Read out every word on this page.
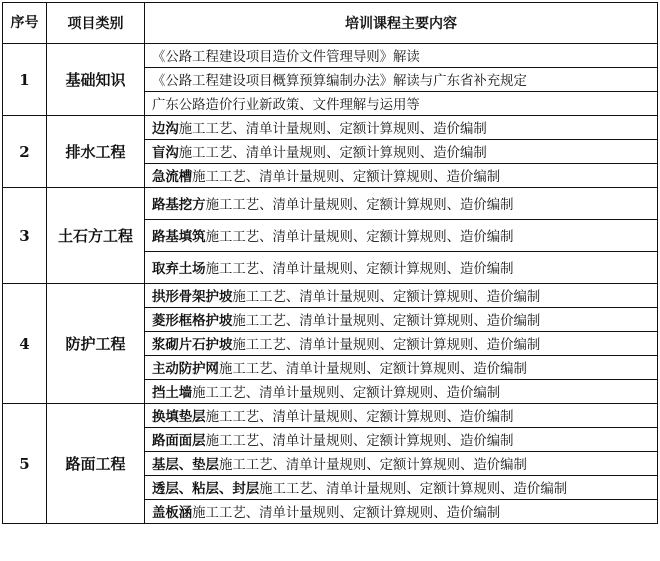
序号	项目类别	培训课程主要内容
1	基础知识	《公路工程建设项目造价文件管理导则》解读
		《公路工程建设项目概算预算编制办法》解读与广东省补充规定
		广东公路造价行业新政策、文件理解与运用等
2	排水工程	边沟施工工艺、清单计量规则、定额计算规则、造价编制
		盲沟施工工艺、清单计量规则、定额计算规则、造价编制
		急流槽施工工艺、清单计量规则、定额计算规则、造价编制
3	土石方工程	路基挖方施工工艺、清单计量规则、定额计算规则、造价编制
		路基填筑施工工艺、清单计量规则、定额计算规则、造价编制
		取弃土场施工工艺、清单计量规则、定额计算规则、造价编制
4	防护工程	拱形骨架护坡施工工艺、清单计量规则、定额计算规则、造价编制
		菱形框格护坡施工工艺、清单计量规则、定额计算规则、造价编制
		浆砌片石护坡施工工艺、清单计量规则、定额计算规则、造价编制
		主动防护网施工工艺、清单计量规则、定额计算规则、造价编制
		挡土墙施工工艺、清单计量规则、定额计算规则、造价编制
5	路面工程	换填垫层施工工艺、清单计量规则、定额计算规则、造价编制
		路面面层施工工艺、清单计量规则、定额计算规则、造价编制
		基层、垫层施工工艺、清单计量规则、定额计算规则、造价编制
		透层、粘层、封层施工工艺、清单计量规则、定额计算规则、造价编制
		盖板涵施工工艺、清单计量规则、定额计算规则、造价编制
